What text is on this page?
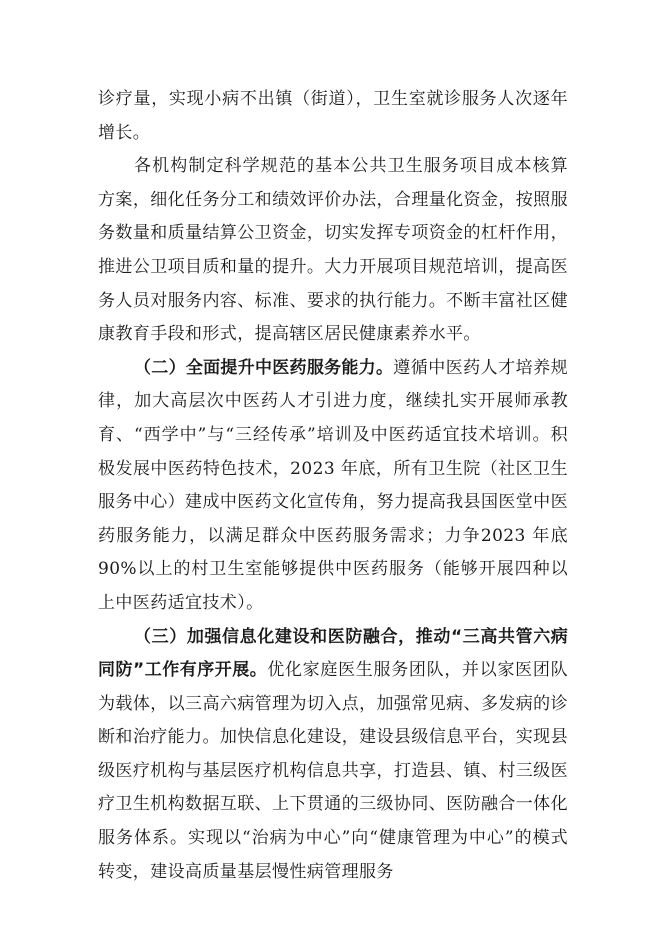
诊疗量，实现小病不出镇（街道），卫生室就诊服务人次逐年增长。

各机构制定科学规范的基本公共卫生服务项目成本核算方案，细化任务分工和绩效评价办法，合理量化资金，按照服务数量和质量结算公卫资金，切实发挥专项资金的杠杆作用，推进公卫项目质和量的提升。大力开展项目规范培训，提高医务人员对服务内容、标准、要求的执行能力。不断丰富社区健康教育手段和形式，提高辖区居民健康素养水平。

（二）全面提升中医药服务能力。遵循中医药人才培养规律，加大高层次中医药人才引进力度，继续扎实开展师承教育、“西学中”与“三经传承”培训及中医药适宜技术培训。积极发展中医药特色技术，2023 年底，所有卫生院（社区卫生服务中心）建成中医药文化宣传角，努力提高我县国医堂中医药服务能力，以满足群众中医药服务需求；力争2023 年底 90%以上的村卫生室能够提供中医药服务（能够开展四种以上中医药适宜技术）。

（三）加强信息化建设和医防融合，推动“三高共管六病同防”工作有序开展。优化家庭医生服务团队，并以家医团队为载体，以三高六病管理为切入点，加强常见病、多发病的诊断和治疗能力。加快信息化建设，建设县级信息平台，实现县级医疗机构与基层医疗机构信息共享，打造县、镇、村三级医疗卫生机构数据互联、上下贯通的三级协同、医防融合一体化服务体系。实现以“治病为中心”向“健康管理为中心”的模式转变，建设高质量基层慢性病管理服务
